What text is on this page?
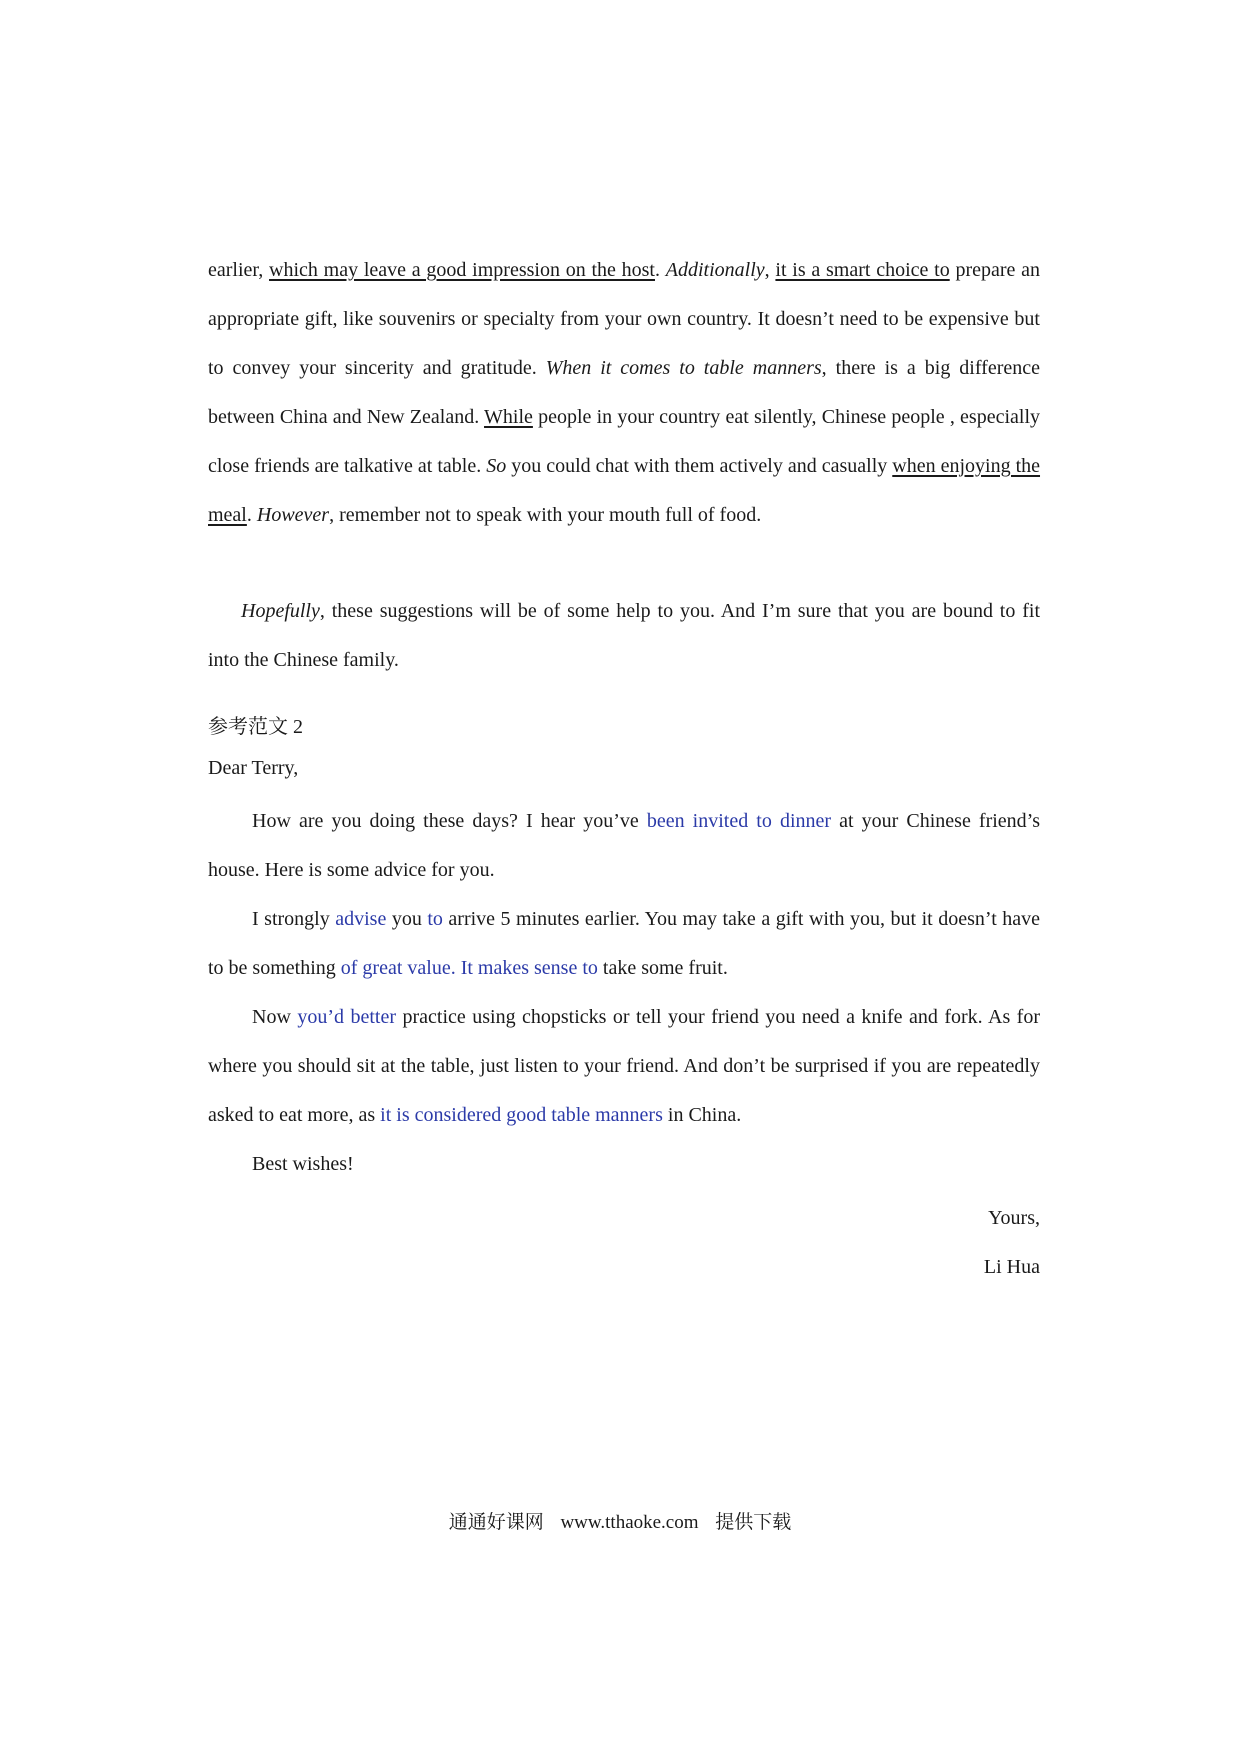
earlier, which may leave a good impression on the host. Additionally, it is a smart choice to prepare an appropriate gift, like souvenirs or specialty from your own country. It doesn’t need to be expensive but to convey your sincerity and gratitude. When it comes to table manners, there is a big difference between China and New Zealand. While people in your country eat silently, Chinese people , especially close friends are talkative at table. So you could chat with them actively and casually when enjoying the meal. However, remember not to speak with your mouth full of food.

Hopefully, these suggestions will be of some help to you. And I’m sure that you are bound to fit into the Chinese family.

参考范文 2
Dear Terry,

How are you doing these days? I hear you’ve been invited to dinner at your Chinese friend’s house. Here is some advice for you.

I strongly advise you to arrive 5 minutes earlier. You may take a gift with you, but it doesn’t have to be something of great value. It makes sense to take some fruit.

Now you’d better practice using chopsticks or tell your friend you need a knife and fork. As for where you should sit at the table, just listen to your friend. And don’t be surprised if you are repeatedly asked to eat more, as it is considered good table manners in China.

Best wishes!

Yours,
Li Hua
通通好课网 www.tthaoke.com 提供下载
